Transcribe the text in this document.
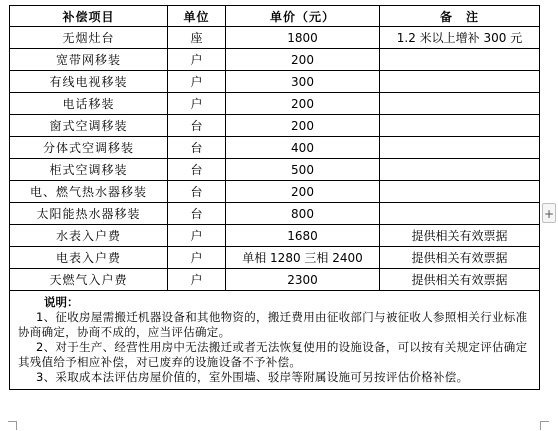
补偿项目	单位	单价（元）	备　注
无烟灶台	座	1800	1.2 米以上增补 300 元
宽带网移装	户	200	
有线电视移装	户	300	
电话移装	户	200	
窗式空调移装	台	200	
分体式空调移装	台	400	
柜式空调移装	台	500	
电、燃气热水器移装	台	200	
太阳能热水器移装	台	800	
水表入户费	户	1680	提供相关有效票据
电表入户费	户	单相 1280 三相 2400	提供相关有效票据
天燃气入户费	户	2300	提供相关有效票据

说明：
1、征收房屋需搬迁机器设备和其他物资的，搬迁费用由征收部门与被征收人参照相关行业标准协商确定，协商不成的，应当评估确定。
2、对于生产、经营性用房中无法搬迁或者无法恢复使用的设施设备，可以按有关规定评估确定其残值给予相应补偿，对已废弃的设施设备不予补偿。
3、采取成本法评估房屋价值的，室外围墙、驳岸等附属设施可另按评估价格补偿。			
+
